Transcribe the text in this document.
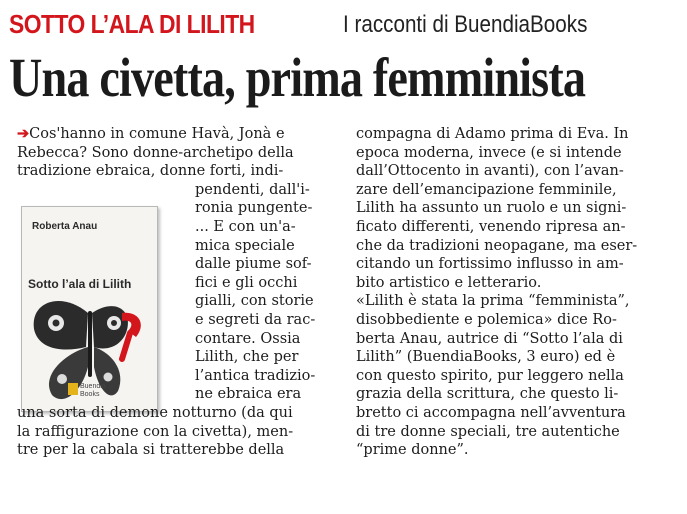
SOTTO L’ALA DI LILITH	I racconti di BuendiaBooks
Una civetta, prima femminista
Roberta Anau
Sotto l’ala di Lilith
Buendia
Books
➔Cos'hanno in comune Havà, Jonà e
Rebecca? Sono donne-archetipo della
tradizione ebraica, donne forti, indi-
pendenti, dall'i-
ronia pungente-
... E con un'a-
mica speciale
dalle piume sof-
fici e gli occhi
gialli, con storie
e segreti da rac-
contare. Ossia
Lilith, che per
l’antica tradizio-
ne ebraica era
una sorta di demone notturno (da qui
la raffigurazione con la civetta), men-
tre per la cabala si tratterebbe della
compagna di Adamo prima di Eva. In
epoca moderna, invece (e si intende
dall’Ottocento in avanti), con l’avan-
zare dell’emancipazione femminile,
Lilith ha assunto un ruolo e un signi-
ficato differenti, venendo ripresa an-
che da tradizioni neopagane, ma eser-
citando un fortissimo influsso in am-
bito artistico e letterario.
«Lilith è stata la prima “femminista”,
disobbediente e polemica» dice Ro-
berta Anau, autrice di “Sotto l’ala di
Lilith” (BuendiaBooks, 3 euro) ed è
con questo spirito, pur leggero nella
grazia della scrittura, che questo li-
bretto ci accompagna nell’avventura
di tre donne speciali, tre autentiche
“prime donne”.
